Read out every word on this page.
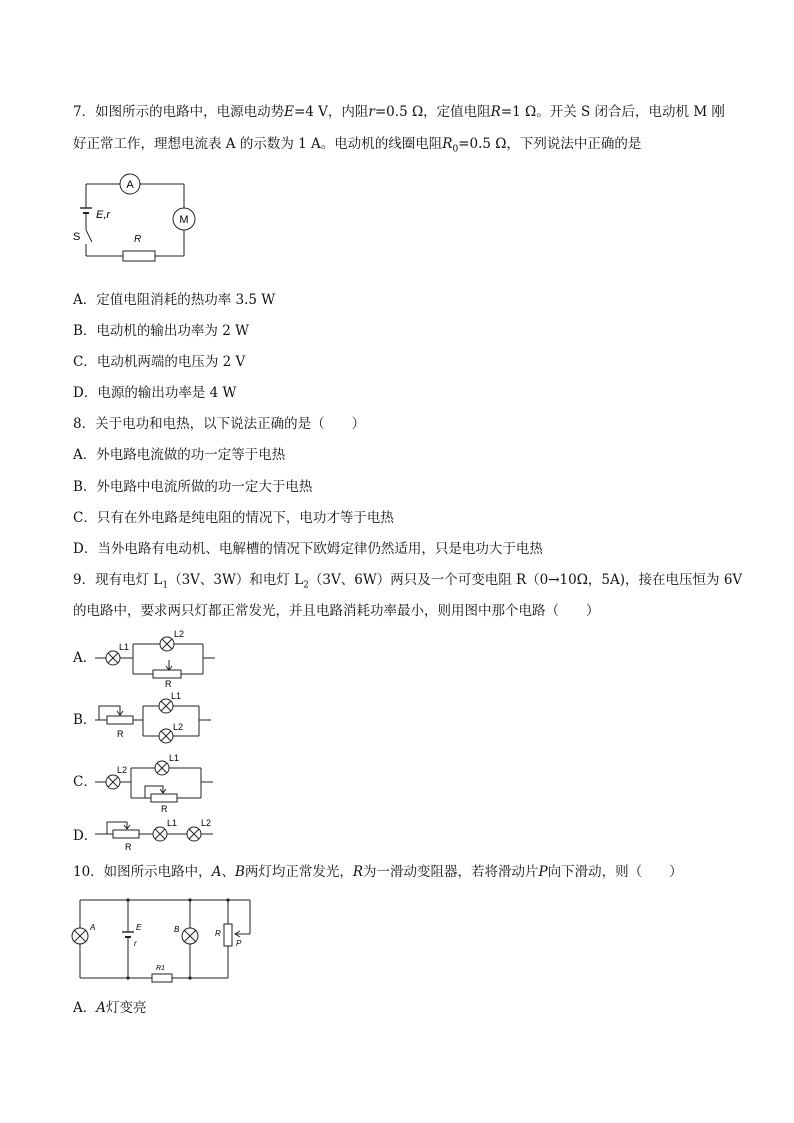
7．如图所示的电路中，电源电动势E=4 V，内阻r=0.5 Ω，定值电阻R=1 Ω。开关 S 闭合后，电动机 M 刚
好正常工作，理想电流表 A 的示数为 1 A。电动机的线圈电阻$R_0=0.5$ Ω，下列说法中正确的是
A
M
E,r
S	R
A．定值电阻消耗的热功率 3.5 W
B．电动机的输出功率为 2 W
C．电动机两端的电压为 2 V
D．电源的输出功率是 4 W
8．关于电功和电热，以下说法正确的是（　　）
A．外电路电流做的功一定等于电热
B．外电路中电流所做的功一定大于电热
C．只有在外电路是纯电阻的情况下，电功才等于电热
D．当外电路有电动机、电解槽的情况下欧姆定律仍然适用，只是电功大于电热
9．现有电灯 $L_1(3V$、3W）和电灯 $L_2(3V$、6W）两只及一个可变电阻 R（0→10Ω，5A)，接在电压恒为 6V
的电路中，要求两只灯都正常发光，并且电路消耗功率最小，则用图中那个电路（　　）
A．
L1
L2
R
B．
R
L1
L2
C．
L2
L1
R
D．
R
L1	L2
10．如图所示电路中，A、B两灯均正常发光，R为一滑动变阻器，若将滑动片P向下滑动，则（　　）
A	E
r
B	R
P
R1
A．A灯变亮
